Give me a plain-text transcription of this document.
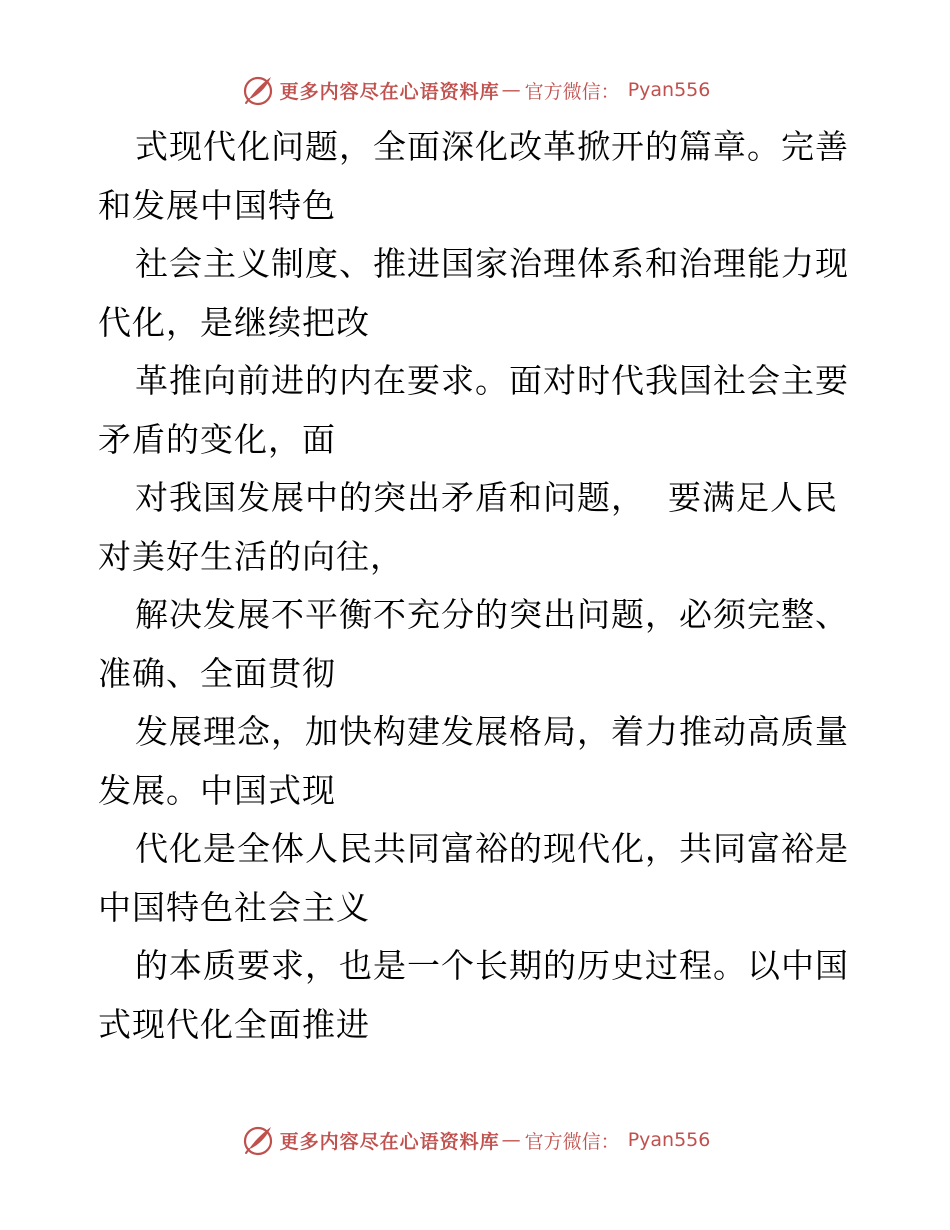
更多内容尽在心语资料库 — 官方微信： Pyan556
式现代化问题，全面深化改革掀开的篇章。完善
和发展中国特色
社会主义制度、推进国家治理体系和治理能力现
代化，是继续把改
革推向前进的内在要求。面对时代我国社会主要
矛盾的变化，面
对我国发展中的突出矛盾和问题，  要满足人民
对美好生活的向往，
解决发展不平衡不充分的突出问题，必须完整、
准确、全面贯彻
发展理念，加快构建发展格局，着力推动高质量
发展。中国式现
代化是全体人民共同富裕的现代化，共同富裕是
中国特色社会主义
的本质要求，也是一个长期的历史过程。以中国
式现代化全面推进
更多内容尽在心语资料库 — 官方微信： Pyan556
